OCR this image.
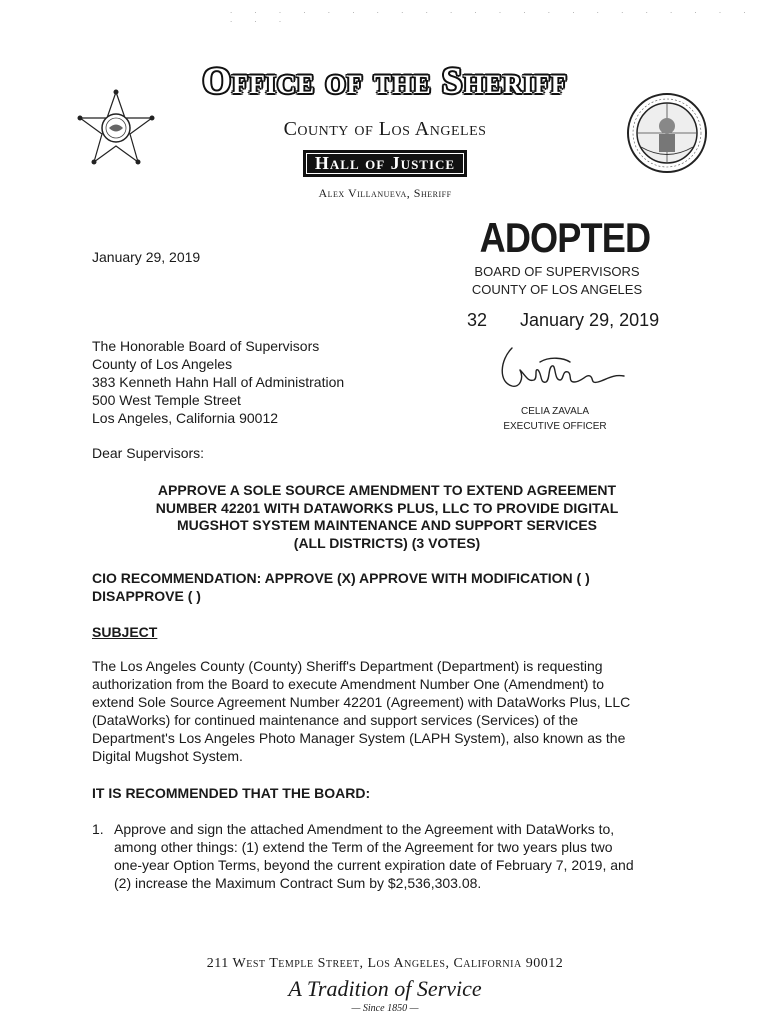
. . . . . . . . . . . . . . . . . . . . . . . . .
Office of the Sheriff
County of Los Angeles
Hall of Justice
Alex Villanueva, Sheriff
ADOPTED
BOARD OF SUPERVISORS
COUNTY OF LOS ANGELES
32 January 29, 2019
CELIA ZAVALA
EXECUTIVE OFFICER
January 29, 2019
The Honorable Board of Supervisors
County of Los Angeles
383 Kenneth Hahn Hall of Administration
500 West Temple Street
Los Angeles, California 90012
Dear Supervisors:
APPROVE A SOLE SOURCE AMENDMENT TO EXTEND AGREEMENT
NUMBER 42201 WITH DATAWORKS PLUS, LLC TO PROVIDE DIGITAL
MUGSHOT SYSTEM MAINTENANCE AND SUPPORT SERVICES
(ALL DISTRICTS) (3 VOTES)
CIO RECOMMENDATION: APPROVE (X) APPROVE WITH MODIFICATION ( )
DISAPPROVE ( )
SUBJECT
The Los Angeles County (County) Sheriff's Department (Department) is requesting
authorization from the Board to execute Amendment Number One (Amendment) to
extend Sole Source Agreement Number 42201 (Agreement) with DataWorks Plus, LLC
(DataWorks) for continued maintenance and support services (Services) of the
Department's Los Angeles Photo Manager System (LAPH System), also known as the
Digital Mugshot System.
IT IS RECOMMENDED THAT THE BOARD:
1. Approve and sign the attached Amendment to the Agreement with DataWorks to,
among other things: (1) extend the Term of the Agreement for two years plus two
one-year Option Terms, beyond the current expiration date of February 7, 2019, and
(2) increase the Maximum Contract Sum by $2,536,303.08.
211 West Temple Street, Los Angeles, California 90012
A Tradition of Service
— Since 1850 —
